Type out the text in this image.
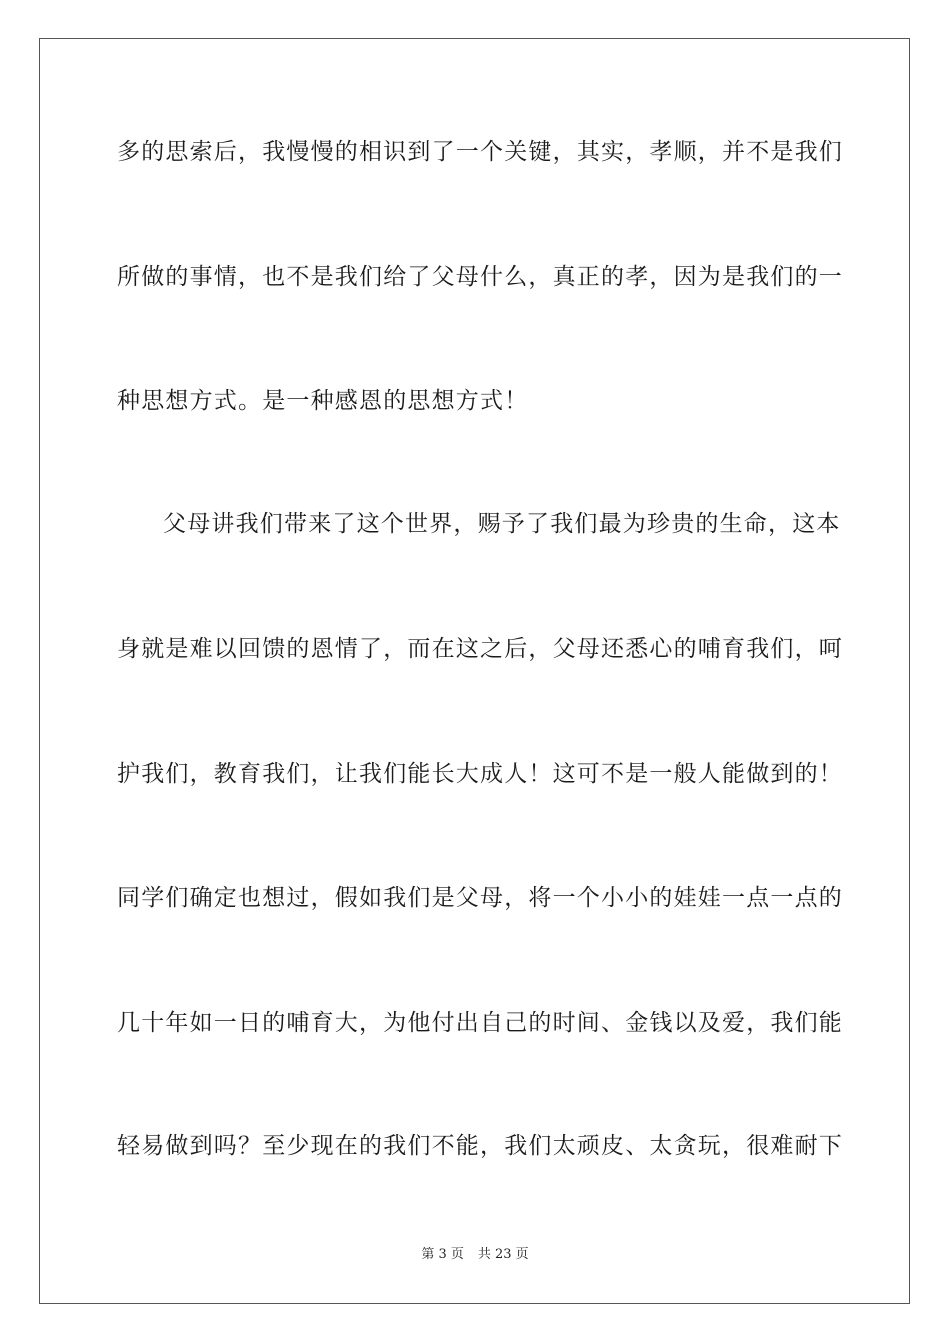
多的思索后，我慢慢的相识到了一个关键，其实，孝顺，并不是我们
所做的事情，也不是我们给了父母什么，真正的孝，因为是我们的一
种思想方式。是一种感恩的思想方式！
父母讲我们带来了这个世界，赐予了我们最为珍贵的生命，这本
身就是难以回馈的恩情了，而在这之后，父母还悉心的哺育我们，呵
护我们，教育我们，让我们能长大成人！这可不是一般人能做到的！
同学们确定也想过，假如我们是父母，将一个小小的娃娃一点一点的
几十年如一日的哺育大，为他付出自己的时间、金钱以及爱，我们能
轻易做到吗？至少现在的我们不能，我们太顽皮、太贪玩，很难耐下
第 3 页 共 23 页
